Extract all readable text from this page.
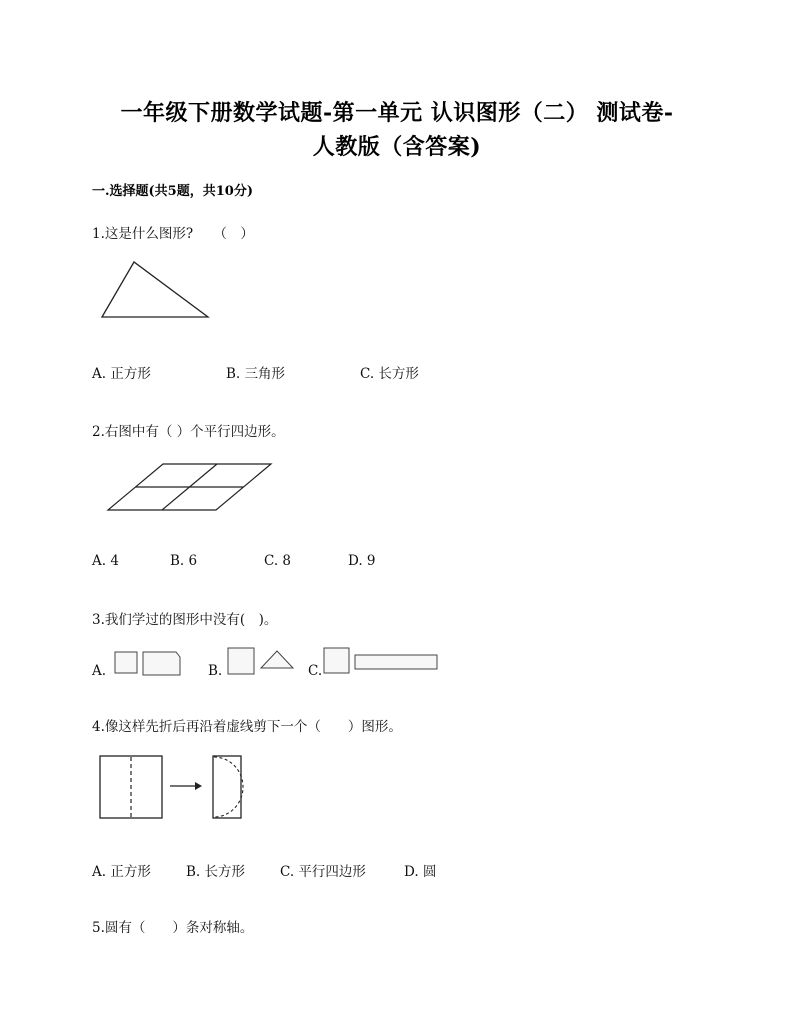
一年级下册数学试题-第一单元 认识图形（二） 测试卷-
人教版（含答案)
一.选择题(共5题，共10分)
1.这是什么图形?　　（　）
A. 正方形	B. 三角形	C. 长方形
2.右图中有（ ）个平行四边形。
A. 4	B. 6	C. 8	D. 9
3.我们学过的图形中没有(　)。
A.	B.	C.
4.像这样先折后再沿着虚线剪下一个（　　）图形。
A. 正方形	B. 长方形	C. 平行四边形	D. 圆
5.圆有（　　）条对称轴。
